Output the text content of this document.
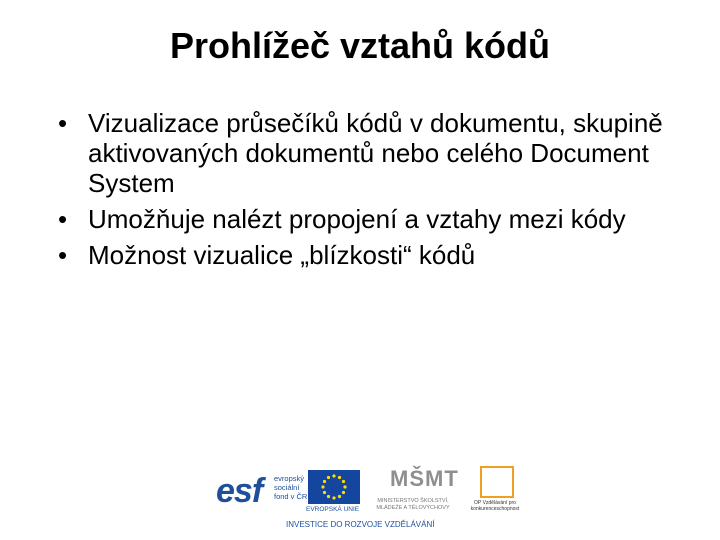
Prohlížeč vztahů kódů
• Vizualizace průsečíků kódů v dokumentu, skupině aktivovaných dokumentů nebo celého Document System
• Umožňuje nalézt propojení a vztahy mezi kódy
• Možnost vizualice „blízkosti“ kódů
esf evropský sociální fond v ČR
EVROPSKÁ UNIE
MŠMT
MINISTERSTVO ŠKOLSTVÍ, MLÁDEŽE A TĚLOVÝCHOVY
OP Vzdělávání pro konkurenceschopnost
INVESTICE DO ROZVOJE VZDĚLÁVÁNÍ
